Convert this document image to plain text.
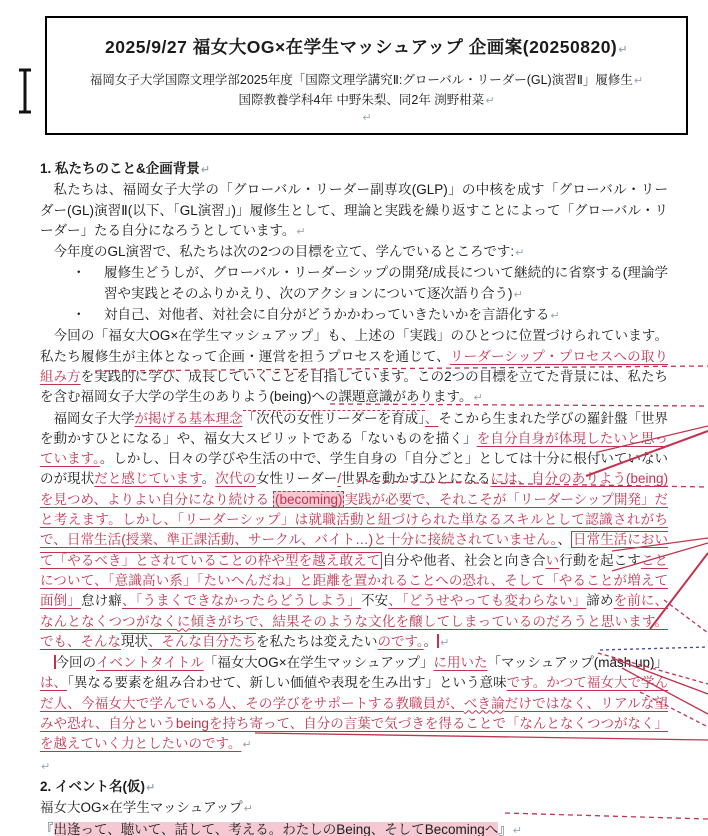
2025/9/27 福女大OG×在学生マッシュアップ 企画案(20250820)↵
福岡女子大学国際文理学部2025年度「国際文理学講究Ⅱ:グローバル・リーダー(GL)演習Ⅱ」履修生↵
国際教養学科4年 中野朱梨、同2年 渕野柑菜↵
↵
1. 私たちのこと&企画背景↵
私たちは、福岡女子大学の「グローバル・リーダー副専攻(GLP)」の中核を成す「グローバル・リーダー(GL)演習Ⅱ(以下、「GL演習」)」履修生として、理論と実践を繰り返すことによって「グローバル・リーダー」たる自分になろうとしています。↵
今年度のGL演習で、私たちは次の2つの目標を立て、学んでいるところです:↵
・ 履修生どうしが、グローバル・リーダーシップの開発/成長について継続的に省察する(理論学習や実践とそのふりかえり、次のアクションについて逐次語り合う)↵
・ 対自己、対他者、対社会に自分がどうかかわっていきたいかを言語化する↵
今回の「福女大OG×在学生マッシュアップ」も、上述の「実践」のひとつに位置づけられています。私たち履修生が主体となって企画・運営を担うプロセスを通じて、リーダーシップ・プロセスへの取り組み方を実践的に学び、成長していくことを目指しています。この2つの目標を立てた背景には、私たちを含む福岡女子大学の学生のありよう(being)への課題意識があります。↵
福岡女子大学が掲げる基本理念「次代の女性リーダーを育成」、そこから生まれた学びの羅針盤「世界を動かすひとになる」や、福女大スピリットである「ないものを描く」を自分自身が体現したいと思っています。。しかし、日々の学びや生活の中で、学生自身の「自分ごと」としては十分に根付いていないのが現状だと感じています。次代の女性リーダー/世界を動かすひとになるには、自分のありよう(being)を見つめ、よりよい自分になり続ける (becoming) 実践が必要で、それこそが「リーダーシップ開発」だと考えます。しかし、「リーダーシップ」は就職活動と紐づけられた単なるスキルとして認識されがちで、日常生活(授業、準正課活動、サークル、バイト…)と十分に接続されていません。、 日常生活において「やるべき」とされていることの枠や型を越え敢えて 自分や他者、社会と向き合い行動を起こすことについて、「意識高い系」「たいへんだね」と距離を置かれることへの恐れ、そして「やることが増えて面倒」怠け癖、「うまくできなかったらどうしよう」不安、「どうせやっても変わらない」諦めを前に、なんとなくつつがなくに傾きがちで、結果そのような文化を醸してしまっているのだろうと思います。でも、そんな現状、そんな自分たちを私たちは変えたいのです。。 ↵
今回のイベントタイトル「福女大OG×在学生マッシュアップ」に用いた「マッシュアップ(mash up)」は、「異なる要素を組み合わせて、新しい価値や表現を生み出す」という意味です。かつて福女大で学んだ人、今福女大で学んでいる人、その学びをサポートする教職員が、べき論だけではなく、リアルな望みや恐れ、自分というbeingを持ち寄って、自分の言葉で気づきを得ることで「なんとなくつつがなく」を越えていく力としたいのです。↵
↵
2. イベント名(仮)↵
福女大OG×在学生マッシュアップ↵
『出逢って、聴いて、話して、考える。わたしのBeing、そしてBecomingへ』↵
